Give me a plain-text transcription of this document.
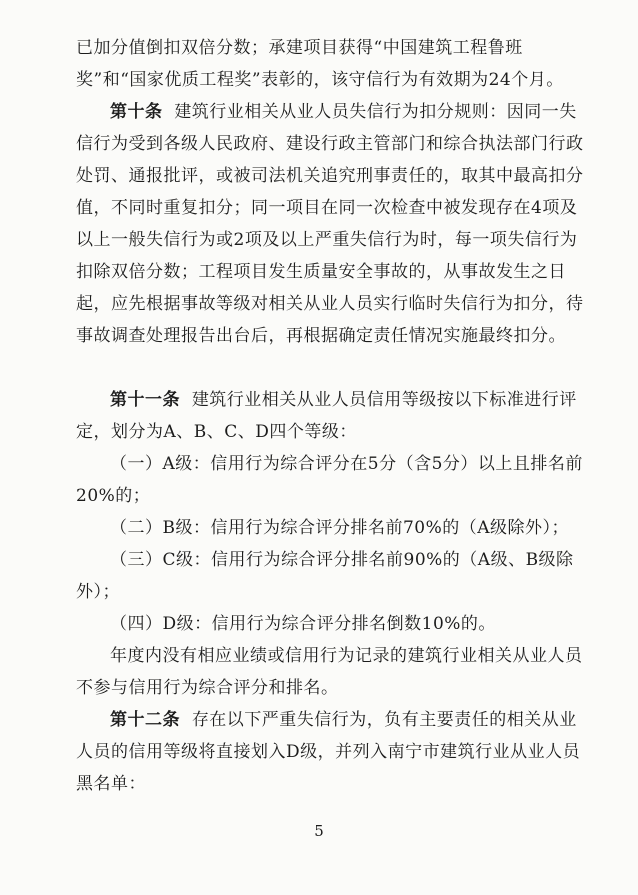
已加分值倒扣双倍分数；承建项目获得“中国建筑工程鲁班奖”和“国家优质工程奖”表彰的，该守信行为有效期为24个月。

第十条 建筑行业相关从业人员失信行为扣分规则：因同一失信行为受到各级人民政府、建设行政主管部门和综合执法部门行政处罚、通报批评，或被司法机关追究刑事责任的，取其中最高扣分值，不同时重复扣分；同一项目在同一次检查中被发现存在4项及以上一般失信行为或2项及以上严重失信行为时，每一项失信行为扣除双倍分数；工程项目发生质量安全事故的，从事故发生之日起，应先根据事故等级对相关从业人员实行临时失信行为扣分，待事故调查处理报告出台后，再根据确定责任情况实施最终扣分。

第十一条 建筑行业相关从业人员信用等级按以下标准进行评定，划分为A、B、C、D四个等级：

（一）A级：信用行为综合评分在5分（含5分）以上且排名前20%的；

（二）B级：信用行为综合评分排名前70%的（A级除外）；

（三）C级：信用行为综合评分排名前90%的（A级、B级除外）；

（四）D级：信用行为综合评分排名倒数10%的。

年度内没有相应业绩或信用行为记录的建筑行业相关从业人员不参与信用行为综合评分和排名。

第十二条 存在以下严重失信行为，负有主要责任的相关从业人员的信用等级将直接划入D级，并列入南宁市建筑行业从业人员黑名单：

5
